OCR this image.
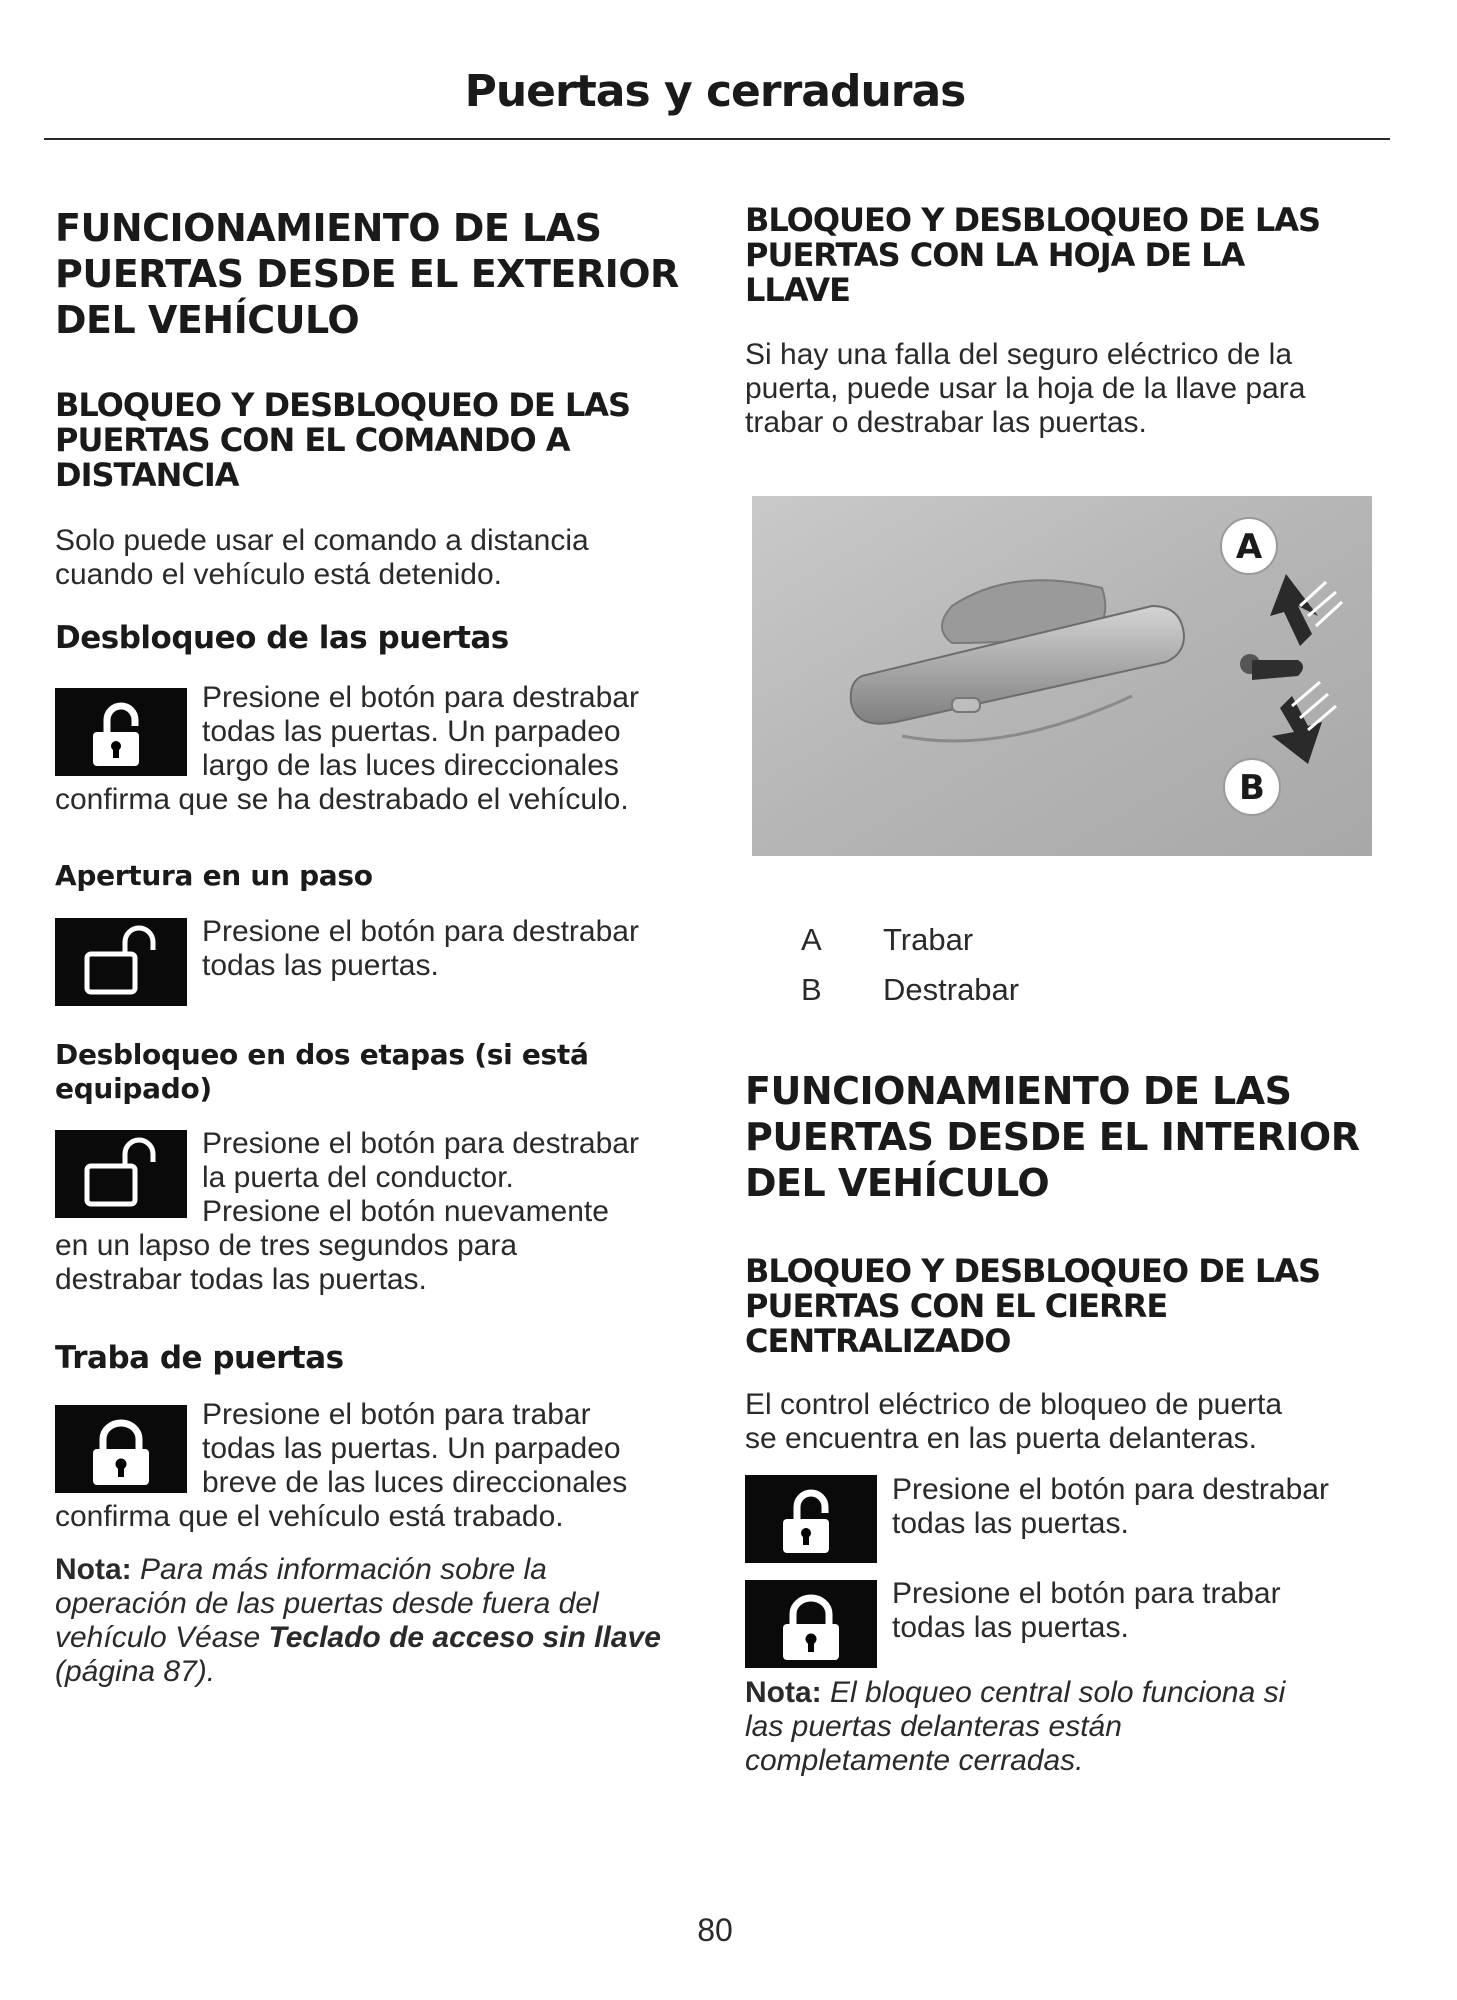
Puertas y cerraduras
FUNCIONAMIENTO DE LAS
PUERTAS DESDE EL EXTERIOR
DEL VEHÍCULO
BLOQUEO Y DESBLOQUEO DE LAS
PUERTAS CON EL COMANDO A
DISTANCIA
Solo puede usar el comando a distancia
cuando el vehículo está detenido.
Desbloqueo de las puertas
Presione el botón para destrabar
todas las puertas. Un parpadeo
largo de las luces direccionales
confirma que se ha destrabado el vehículo.
Apertura en un paso
Presione el botón para destrabar
todas las puertas.
Desbloqueo en dos etapas (si está
equipado)
Presione el botón para destrabar
la puerta del conductor.
Presione el botón nuevamente
en un lapso de tres segundos para
destrabar todas las puertas.
Traba de puertas
Presione el botón para trabar
todas las puertas. Un parpadeo
breve de las luces direccionales
confirma que el vehículo está trabado.
Nota: Para más información sobre la
operación de las puertas desde fuera del
vehículo Véase Teclado de acceso sin llave
(página 87).
BLOQUEO Y DESBLOQUEO DE LAS
PUERTAS CON LA HOJA DE LA
LLAVE
Si hay una falla del seguro eléctrico de la
puerta, puede usar la hoja de la llave para
trabar o destrabar las puertas.
A
B
A Trabar
B Destrabar
FUNCIONAMIENTO DE LAS
PUERTAS DESDE EL INTERIOR
DEL VEHÍCULO
BLOQUEO Y DESBLOQUEO DE LAS
PUERTAS CON EL CIERRE
CENTRALIZADO
El control eléctrico de bloqueo de puerta
se encuentra en las puerta delanteras.
Presione el botón para destrabar
todas las puertas.
Presione el botón para trabar
todas las puertas.
Nota: El bloqueo central solo funciona si
las puertas delanteras están
completamente cerradas.
80
